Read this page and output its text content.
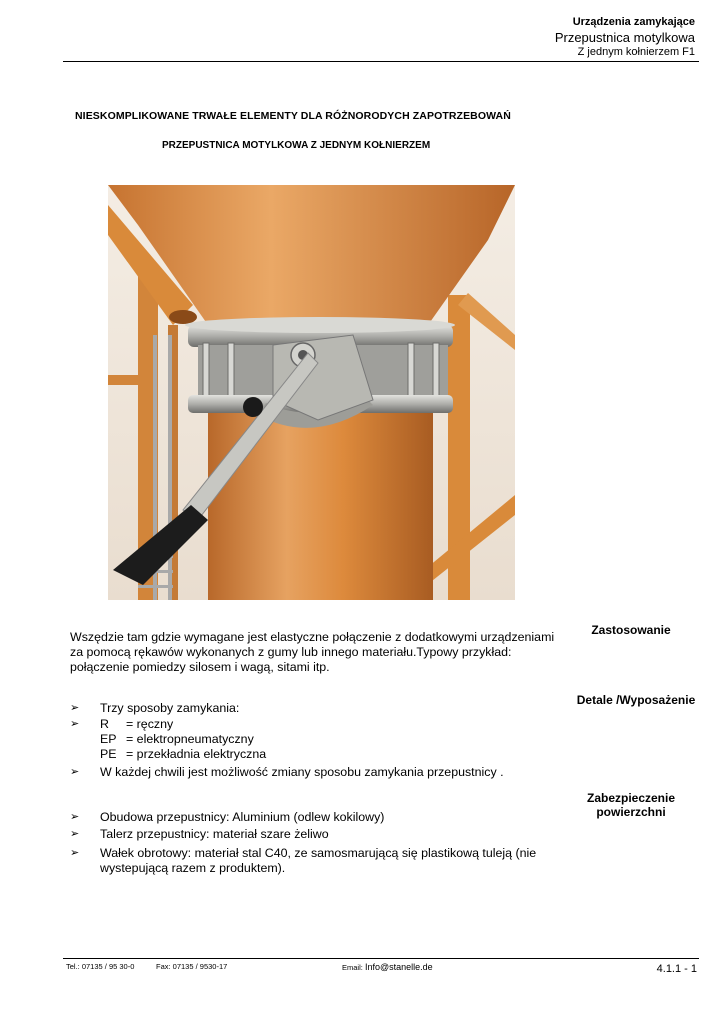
Urządzenia zamykające
Przepustnica motylkowa
Z jednym kołnierzem F1
NIESKOMPLIKOWANE TRWAŁE ELEMENTY DLA RÓŻNORODYCH ZAPOTRZEBOWAŃ
PRZEPUSTNICA MOTYLKOWA Z JEDNYM KOŁNIERZEM
Zastosowanie
Detale /Wyposażenie
Zabezpieczenie
powierzchni
Wszędzie tam gdzie wymagane jest elastyczne połączenie z dodatkowymi urządzeniami
za pomocą rękawów wykonanych z gumy lub innego materiału.Typowy przykład:
połączenie pomiedzy silosem i wagą, sitami itp.
➢ Trzy sposoby zamykania:
➢ R = ręczny
EP = elektropneumatyczny
PE = przekładnia elektryczna
➢ W każdej chwili jest możliwość zmiany sposobu zamykania przepustnicy .
➢ Obudowa przepustnicy: Aluminium (odlew kokilowy)
➢ Talerz przepustnicy: materiał szare żeliwo
➢ Wałek obrotowy: materiał stal C40, ze samosmarującą się plastikową tuleją (nie
wystepującą razem z produktem).
Tel.: 07135 / 95 30-0	Fax: 07135 / 9530-17	Email: Info@stanelle.de	4.1.1 - 1
